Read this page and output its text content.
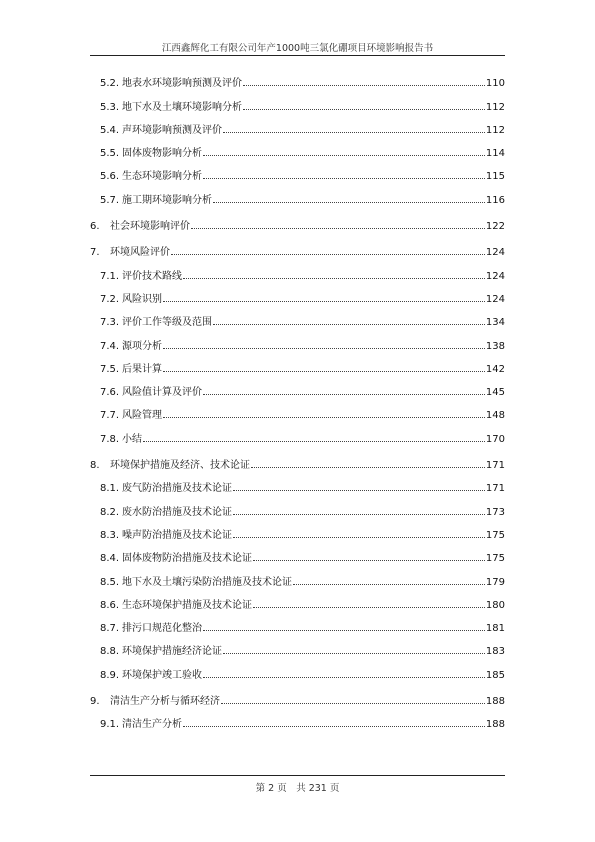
江西鑫辉化工有限公司年产1000吨三氯化硼项目环境影响报告书
5.2. 地表水环境影响预测及评价	110
5.3. 地下水及土壤环境影响分析	112
5.4. 声环境影响预测及评价	112
5.5. 固体废物影响分析	114
5.6. 生态环境影响分析	115
5.7. 施工期环境影响分析	116
6.	社会环境影响评价	122
7.	环境风险评价	124
7.1. 评价技术路线	124
7.2. 风险识别	124
7.3. 评价工作等级及范围	134
7.4. 源项分析	138
7.5. 后果计算	142
7.6. 风险值计算及评价	145
7.7. 风险管理	148
7.8. 小结	170
8.	环境保护措施及经济、技术论证	171
8.1. 废气防治措施及技术论证	171
8.2. 废水防治措施及技术论证	173
8.3. 噪声防治措施及技术论证	175
8.4. 固体废物防治措施及技术论证	175
8.5. 地下水及土壤污染防治措施及技术论证	179
8.6. 生态环境保护措施及技术论证	180
8.7. 排污口规范化整治	181
8.8. 环境保护措施经济论证	183
8.9. 环境保护竣工验收	185
9.	清洁生产分析与循环经济	188
9.1. 清洁生产分析	188
第 2 页　共 231 页
